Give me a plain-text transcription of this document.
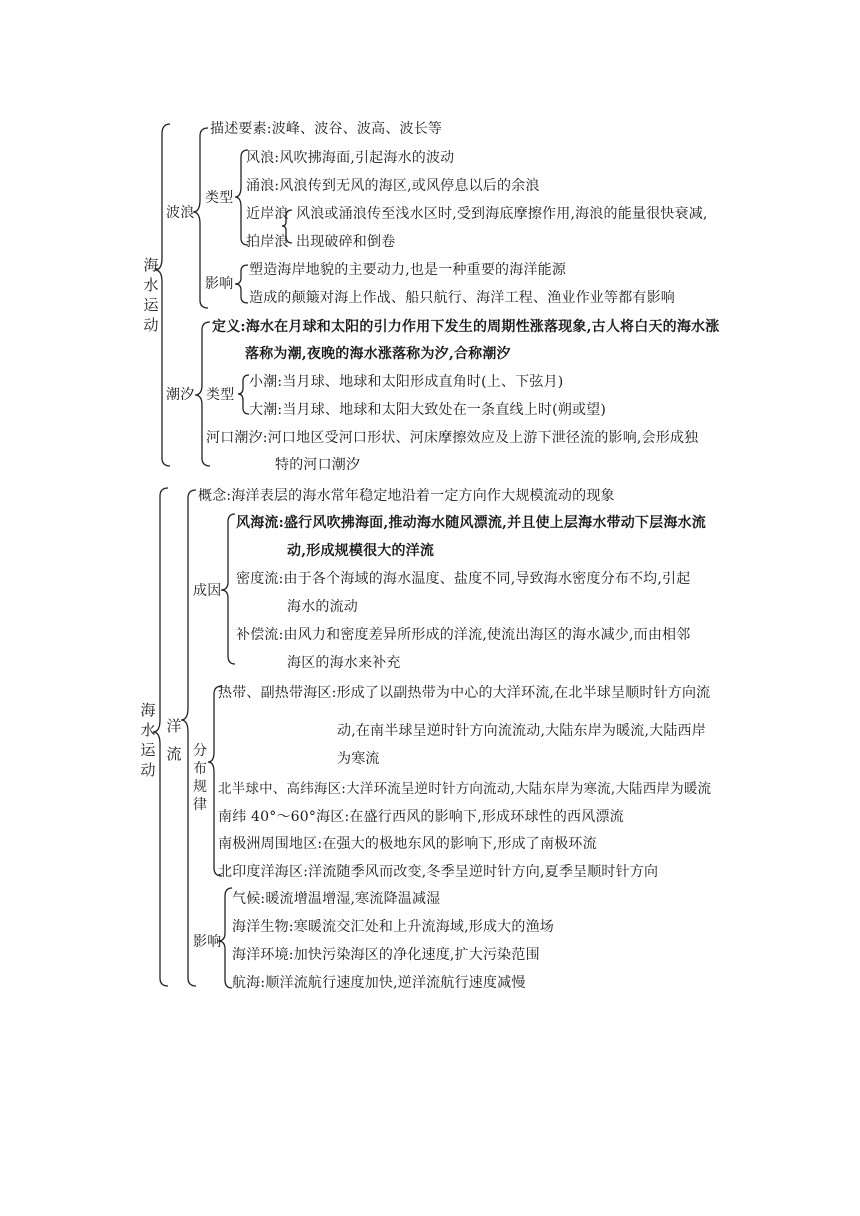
海水运动
描述要素:波峰、波谷、波高、波长等
波浪
类型
风浪:风吹拂海面,引起海水的波动
涌浪:风浪传到无风的海区,或风停息以后的余浪
近岸浪
拍岸浪
风浪或涌浪传至浅水区时,受到海底摩擦作用,海浪的能量很快衰减,
出现破碎和倒卷
影响
塑造海岸地貌的主要动力,也是一种重要的海洋能源
造成的颠簸对海上作战、船只航行、海洋工程、渔业作业等都有影响
潮汐
定义:海水在月球和太阳的引力作用下发生的周期性涨落现象,古人将白天的海水涨
落称为潮,夜晚的海水涨落称为汐,合称潮汐
类型
小潮:当月球、地球和太阳形成直角时(上、下弦月)
大潮:当月球、地球和太阳大致处在一条直线上时(朔或望)
河口潮汐:河口地区受河口形状、河床摩擦效应及上游下泄径流的影响,会形成独
特的河口潮汐
海水运动
洋流
概念:海洋表层的海水常年稳定地沿着一定方向作大规模流动的现象
成因
风海流:盛行风吹拂海面,推动海水随风漂流,并且使上层海水带动下层海水流
动,形成规模很大的洋流
密度流:由于各个海域的海水温度、盐度不同,导致海水密度分布不均,引起
海水的流动
补偿流:由风力和密度差异所形成的洋流,使流出海区的海水减少,而由相邻
海区的海水来补充
分布规律
热带、副热带海区:形成了以副热带为中心的大洋环流,在北半球呈顺时针方向流
动,在南半球呈逆时针方向流流动,大陆东岸为暖流,大陆西岸
为寒流
北半球中、高纬海区:大洋环流呈逆时针方向流动,大陆东岸为寒流,大陆西岸为暖流
南纬 40°～60°海区:在盛行西风的影响下,形成环球性的西风漂流
南极洲周围地区:在强大的极地东风的影响下,形成了南极环流
北印度洋海区:洋流随季风而改变,冬季呈逆时针方向,夏季呈顺时针方向
影响
气候:暖流增温增湿,寒流降温减湿
海洋生物:寒暖流交汇处和上升流海域,形成大的渔场
海洋环境:加快污染海区的净化速度,扩大污染范围
航海:顺洋流航行速度加快,逆洋流航行速度减慢
